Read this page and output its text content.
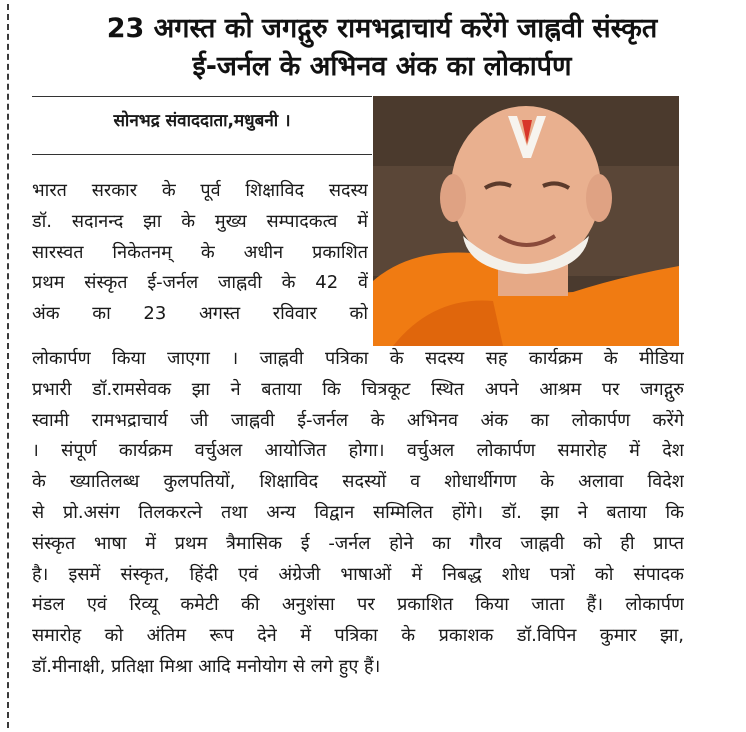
23 अगस्त को जगद्गुरु रामभद्राचार्य करेंगे जाह्नवी संस्कृत
ई-जर्नल के अभिनव अंक का लोकार्पण
सोनभद्र संवाददाता,मधुबनी ।
भारत सरकार के पूर्व शिक्षाविद सदस्य
डॉ. सदानन्द झा के मुख्य सम्पादकत्व में
सारस्वत निकेतनम् के अधीन प्रकाशित
प्रथम संस्कृत ई-जर्नल जाह्नवी के 42 वें
अंक का 23 अगस्त रविवार को
लोकार्पण किया जाएगा । जाह्नवी पत्रिका के सदस्य सह कार्यक्रम के मीडिया
प्रभारी डॉ.रामसेवक झा ने बताया कि चित्रकूट स्थित अपने आश्रम पर जगद्गुरु
स्वामी रामभद्राचार्य जी जाह्नवी ई-जर्नल के अभिनव अंक का लोकार्पण करेंगे
। संपूर्ण कार्यक्रम वर्चुअल आयोजित होगा। वर्चुअल लोकार्पण समारोह में देश
के ख्यातिलब्ध कुलपतियों, शिक्षाविद सदस्यों व शोधार्थीगण के अलावा विदेश
से प्रो.असंग तिलकरत्ने तथा अन्य विद्वान सम्मिलित होंगे। डॉ. झा ने बताया कि
संस्कृत भाषा में प्रथम त्रैमासिक ई -जर्नल होने का गौरव जाह्नवी को ही प्राप्त
है। इसमें संस्कृत, हिंदी एवं अंग्रेजी भाषाओं में निबद्ध शोध पत्रों को संपादक
मंडल एवं रिव्यू कमेटी की अनुशंसा पर प्रकाशित किया जाता हैं। लोकार्पण
समारोह को अंतिम रूप देने में पत्रिका के प्रकाशक डॉ.विपिन कुमार झा,
डॉ.मीनाक्षी, प्रतिक्षा मिश्रा आदि मनोयोग से लगे हुए हैं।
